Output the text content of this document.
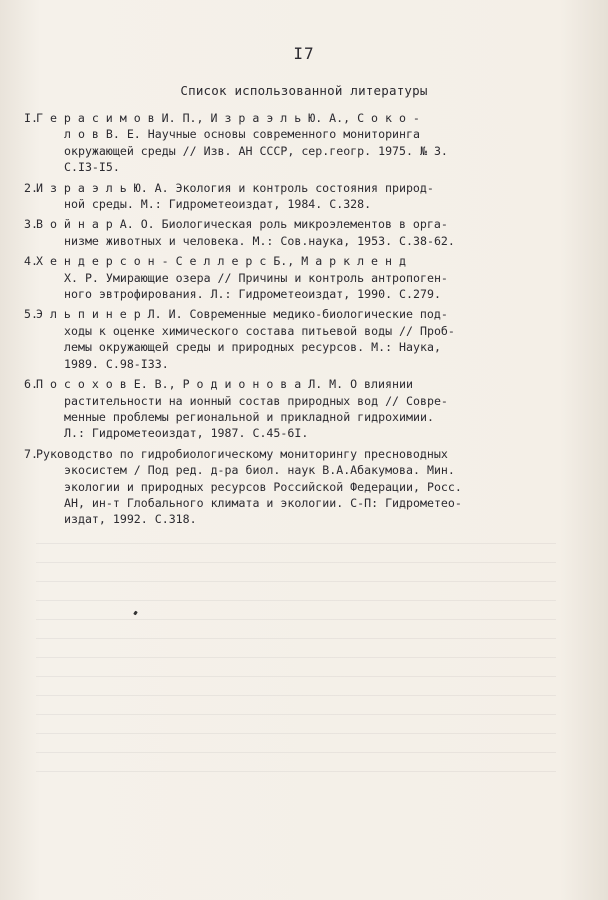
I7
Список использованной литературы
I.
Г е р а с и м о в И. П., И з р а э л ь Ю. А., С о к о -
л о в В. Е. Научные основы современного мониторинга
окружающей среды // Изв. АН СССР, сер.геогр. 1975. № 3.
С.I3-I5.
2.
И з р а э л ь Ю. А. Экология и контроль состояния природ-
ной среды. М.: Гидрометеоиздат, 1984. С.328.
3.
В о й н а р А. О. Биологическая роль микроэлементов в орга-
низме животных и человека. М.: Сов.наука, 1953. С.38-62.
4.
Х е н д е р с о н - С е л л е р с Б., М а р к л е н д
Х. Р. Умирающие озера // Причины и контроль антропоген-
ного эвтрофирования. Л.: Гидрометеоиздат, 1990. С.279.
5.
Э л ь п и н е р Л. И. Современные медико-биологические под-
ходы к оценке химического состава питьевой воды // Проб-
лемы окружающей среды и природных ресурсов. М.: Наука,
1989. С.98-I33.
6.
П о с о х о в Е. В., Р о д и о н о в а Л. М. О влиянии
растительности на ионный состав природных вод // Совре-
менные проблемы региональной и прикладной гидрохимии.
Л.: Гидрометеоиздат, 1987. С.45-6I.
7.
Руководство по гидробиологическому мониторингу пресноводных
экосистем / Под ред. д-ра биол. наук В.А.Абакумова. Мин.
экологии и природных ресурсов Российской Федерации, Росс.
АН, ин-т Глобального климата и экологии. С-П: Гидрометео-
издат, 1992. С.318.
